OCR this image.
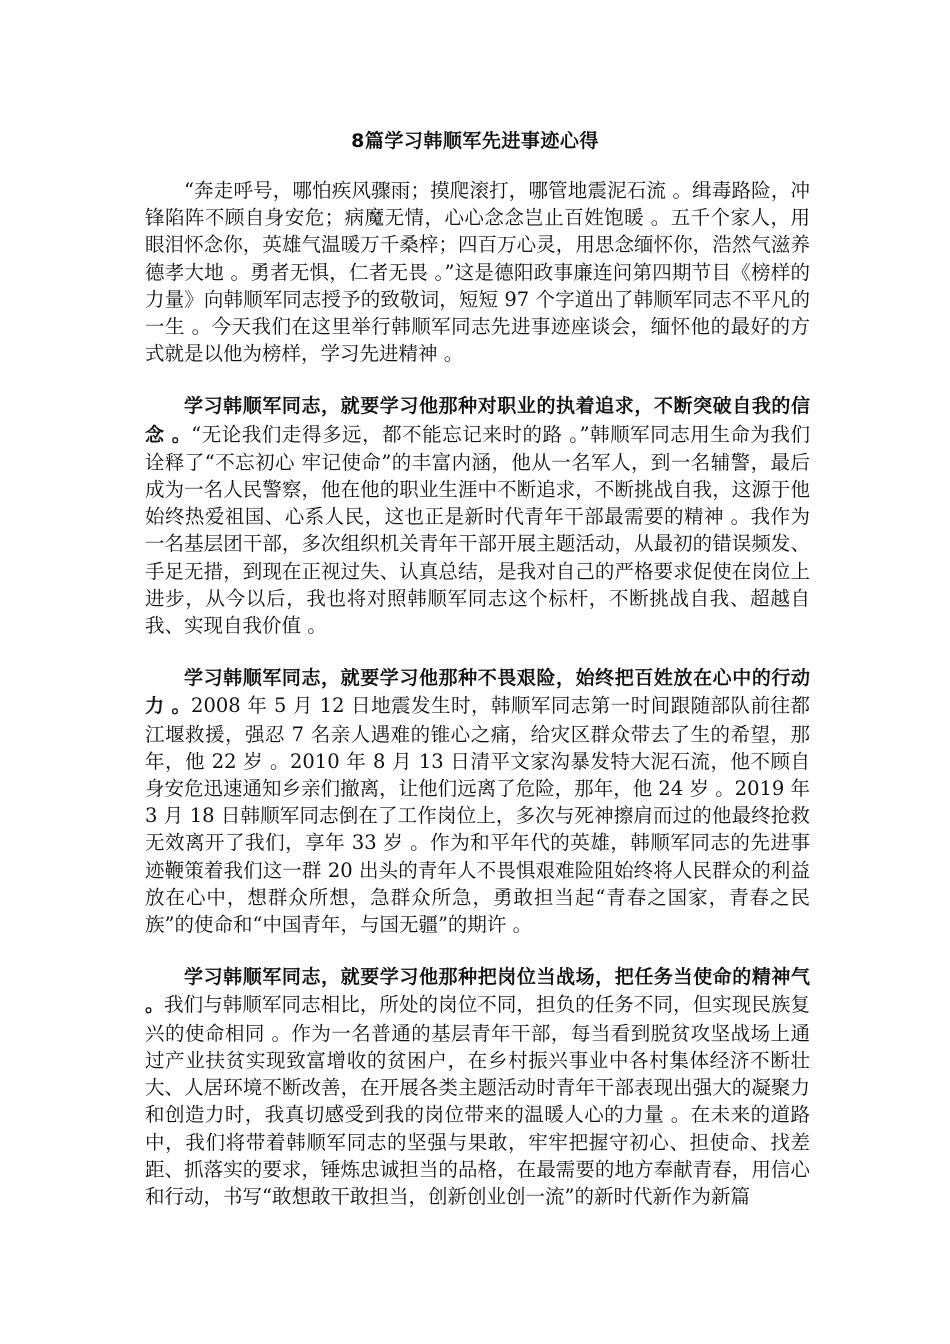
8篇学习韩顺军先进事迹心得

“奔走呼号，哪怕疾风骤雨；摸爬滚打，哪管地震泥石流 。缉毒路险，冲锋陷阵不顾自身安危；病魔无情，心心念念岂止百姓饱暖 。五千个家人，用眼泪怀念你，英雄气温暖万千桑梓；四百万心灵，用思念缅怀你，浩然气滋养德孝大地 。勇者无惧，仁者无畏 。”这是德阳政事廉连问第四期节目《榜样的力量》向韩顺军同志授予的致敬词，短短 97 个字道出了韩顺军同志不平凡的一生 。今天我们在这里举行韩顺军同志先进事迹座谈会，缅怀他的最好的方式就是以他为榜样，学习先进精神 。

学习韩顺军同志，就要学习他那种对职业的执着追求，不断突破自我的信念 。“无论我们走得多远，都不能忘记来时的路 。”韩顺军同志用生命为我们诠释了“不忘初心 牢记使命”的丰富内涵，他从一名军人，到一名辅警，最后成为一名人民警察，他在他的职业生涯中不断追求，不断挑战自我，这源于他始终热爱祖国、心系人民，这也正是新时代青年干部最需要的精神 。我作为一名基层团干部，多次组织机关青年干部开展主题活动，从最初的错误频发、手足无措，到现在正视过失、认真总结，是我对自己的严格要求促使在岗位上进步，从今以后，我也将对照韩顺军同志这个标杆，不断挑战自我、超越自我、实现自我价值 。

学习韩顺军同志，就要学习他那种不畏艰险，始终把百姓放在心中的行动力 。2008 年 5 月 12 日地震发生时，韩顺军同志第一时间跟随部队前往都江堰救援，强忍 7 名亲人遇难的锥心之痛，给灾区群众带去了生的希望，那年，他 22 岁 。2010 年 8 月 13 日清平文家沟暴发特大泥石流，他不顾自身安危迅速通知乡亲们撤离，让他们远离了危险，那年，他 24 岁 。2019 年 3 月 18 日韩顺军同志倒在了工作岗位上，多次与死神擦肩而过的他最终抢救无效离开了我们，享年 33 岁 。作为和平年代的英雄，韩顺军同志的先进事迹鞭策着我们这一群 20 出头的青年人不畏惧艰难险阻始终将人民群众的利益放在心中，想群众所想，急群众所急，勇敢担当起“青春之国家，青春之民族”的使命和“中国青年，与国无疆”的期许 。

学习韩顺军同志，就要学习他那种把岗位当战场，把任务当使命的精神气 。我们与韩顺军同志相比，所处的岗位不同，担负的任务不同，但实现民族复兴的使命相同 。作为一名普通的基层青年干部，每当看到脱贫攻坚战场上通过产业扶贫实现致富增收的贫困户，在乡村振兴事业中各村集体经济不断壮大、人居环境不断改善，在开展各类主题活动时青年干部表现出强大的凝聚力和创造力时，我真切感受到我的岗位带来的温暖人心的力量 。在未来的道路中，我们将带着韩顺军同志的坚强与果敢，牢牢把握守初心、担使命、找差距、抓落实的要求，锤炼忠诚担当的品格，在最需要的地方奉献青春，用信心和行动，书写“敢想敢干敢担当，创新创业创一流”的新时代新作为新篇
